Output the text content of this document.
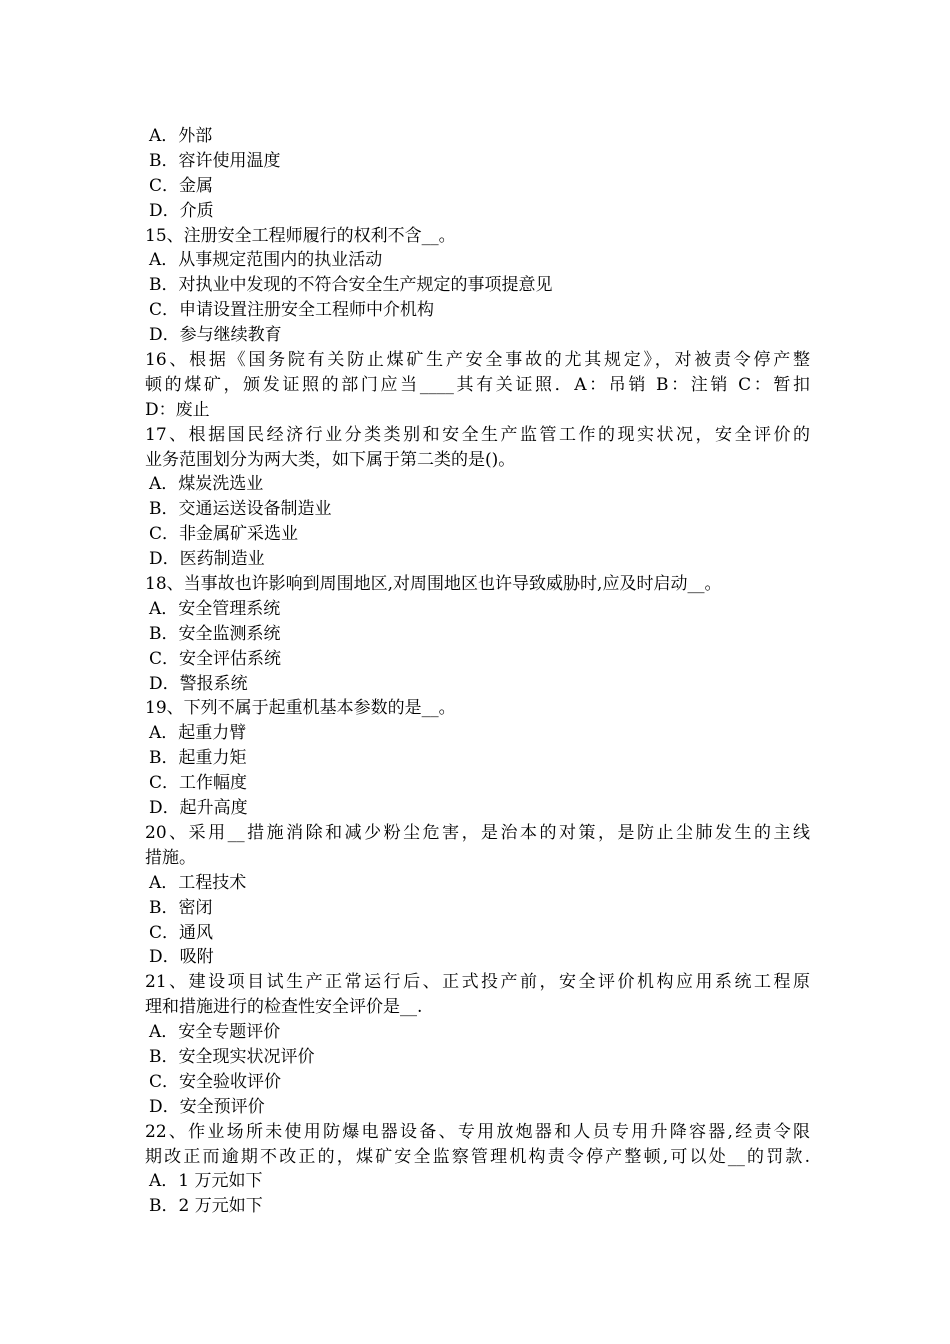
A．外部
B．容许使用温度
C．金属
D．介质
15、注册安全工程师履行的权利不含__。
A．从事规定范围内的执业活动
B．对执业中发现的不符合安全生产规定的事项提意见
C．申请设置注册安全工程师中介机构
D．参与继续教育
16、根据《国务院有关防止煤矿生产安全事故的尤其规定》，对被责令停产整
顿的煤矿，颁发证照的部门应当____其有关证照．A：吊销 B：注销 C：暂扣
D：废止
17、根据国民经济行业分类类别和安全生产监管工作的现实状况，安全评价的
业务范围划分为两大类，如下属于第二类的是()。
A．煤炭洗选业
B．交通运送设备制造业
C．非金属矿采选业
D．医药制造业
18、当事故也许影响到周围地区,对周围地区也许导致威胁时,应及时启动__。
A．安全管理系统
B．安全监测系统
C．安全评估系统
D．警报系统
19、下列不属于起重机基本参数的是__。
A．起重力臂
B．起重力矩
C．工作幅度
D．起升高度
20、采用__措施消除和减少粉尘危害，是治本的对策，是防止尘肺发生的主线
措施。
A．工程技术
B．密闭
C．通风
D．吸附
21、建设项目试生产正常运行后、正式投产前，安全评价机构应用系统工程原
理和措施进行的检查性安全评价是__.
A．安全专题评价
B．安全现实状况评价
C．安全验收评价
D．安全预评价
22、作业场所未使用防爆电器设备、专用放炮器和人员专用升降容器,经责令限
期改正而逾期不改正的，煤矿安全监察管理机构责令停产整顿,可以处__的罚款.
A．1 万元如下
B．2 万元如下
